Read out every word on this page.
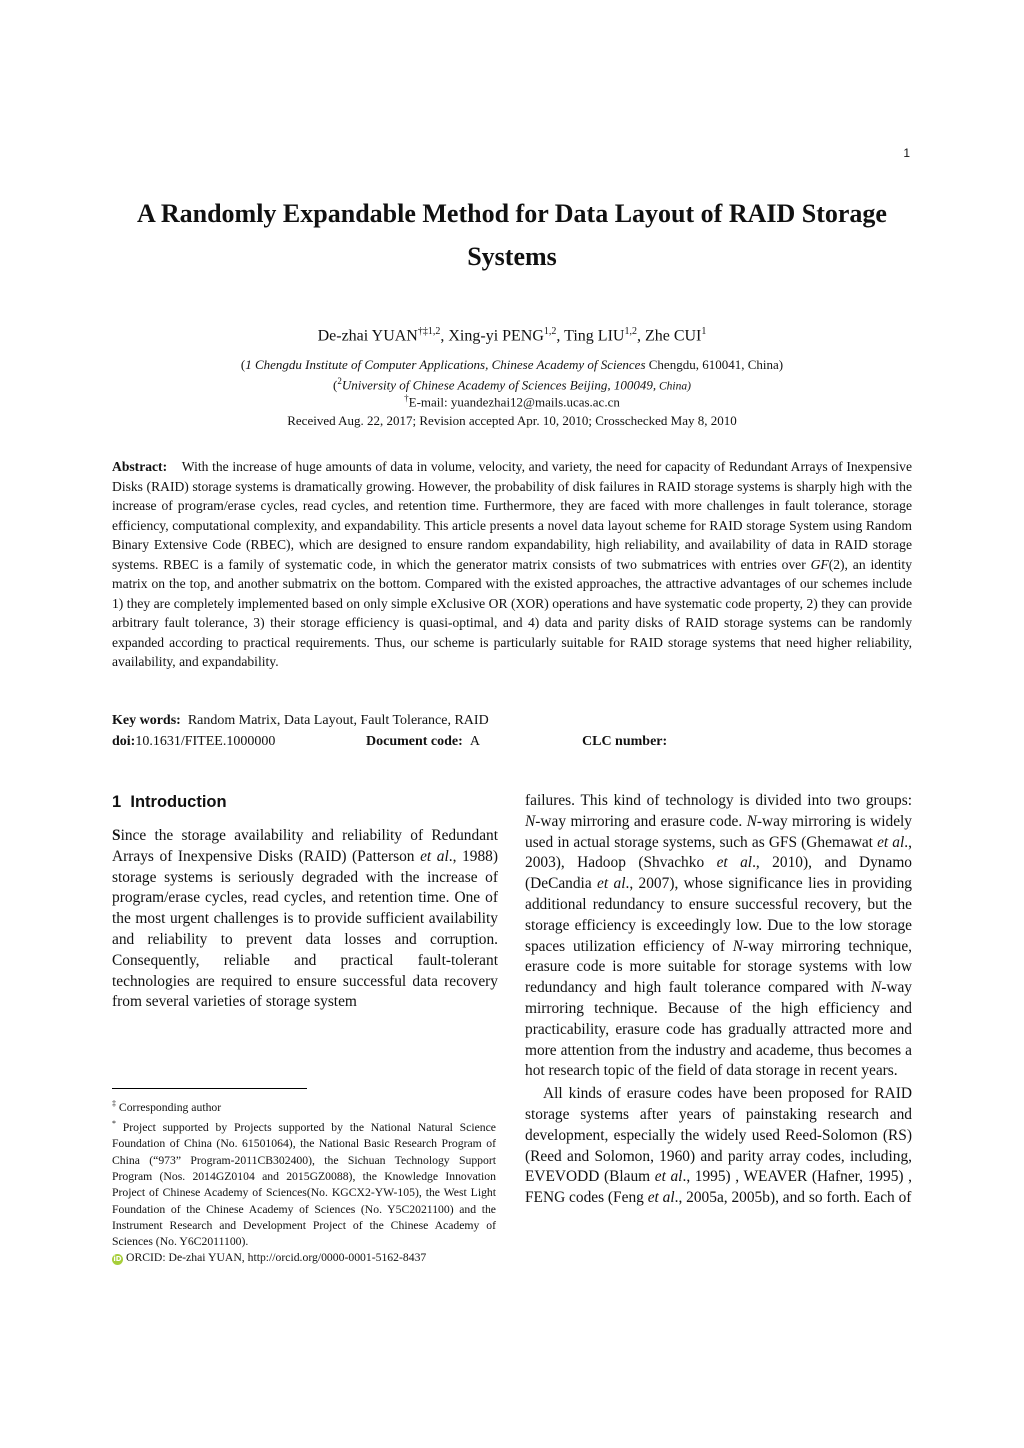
1
A Randomly Expandable Method for Data Layout of RAID Storage Systems
De-zhai YUAN$^{\dagger\ddagger 1,2}$, Xing-yi PENG$^{1,2}$, Ting LIU$^{1,2}$, Zhe CUI$^1$
(1 Chengdu Institute of Computer Applications, Chinese Academy of Sciences Chengdu, 610041, China)
($^2$University of Chinese Academy of Sciences Beijing, 100049, China)
†E-mail: yuandezhai12@mails.ucas.ac.cn
Received Aug. 22, 2017; Revision accepted Apr. 10, 2010; Crosschecked May 8, 2010

Abstract: With the increase of huge amounts of data in volume, velocity, and variety, the need for capacity of Redundant Arrays of Inexpensive Disks (RAID) storage systems is dramatically growing. However, the probability of disk failures in RAID storage systems is sharply high with the increase of program/erase cycles, read cycles, and retention time. Furthermore, they are faced with more challenges in fault tolerance, storage efficiency, computational complexity, and expandability. This article presents a novel data layout scheme for RAID storage System using Random Binary Extensive Code (RBEC), which are designed to ensure random expandability, high reliability, and availability of data in RAID storage systems. RBEC is a family of systematic code, in which the generator matrix consists of two submatrices with entries over GF(2), an identity matrix on the top, and another submatrix on the bottom. Compared with the existed approaches, the attractive advantages of our schemes include 1) they are completely implemented based on only simple eXclusive OR (XOR) operations and have systematic code property, 2) they can provide arbitrary fault tolerance, 3) their storage efficiency is quasi-optimal, and 4) data and parity disks of RAID storage systems can be randomly expanded according to practical requirements. Thus, our scheme is particularly suitable for RAID storage systems that need higher reliability, availability, and expandability.

Key words: Random Matrix, Data Layout, Fault Tolerance, RAID
doi:10.1631/FITEE.1000000	Document code: A	CLC number:
1 Introduction

Since the storage availability and reliability of Redundant Arrays of Inexpensive Disks (RAID) (Patterson et al., 1988) storage systems is seriously degraded with the increase of program/erase cycles, read cycles, and retention time. One of the most urgent challenges is to provide sufficient availability and reliability to prevent data losses and corruption. Consequently, reliable and practical fault-tolerant technologies are required to ensure successful data recovery from several varieties of storage system

failures. This kind of technology is divided into two groups: N-way mirroring and erasure code. N-way mirroring is widely used in actual storage systems, such as GFS (Ghemawat et al., 2003), Hadoop (Shvachko et al., 2010), and Dynamo (DeCandia et al., 2007), whose significance lies in providing additional redundancy to ensure successful recovery, but the storage efficiency is exceedingly low. Due to the low storage spaces utilization efficiency of N-way mirroring technique, erasure code is more suitable for storage systems with low redundancy and high fault tolerance compared with N-way mirroring technique. Because of the high efficiency and practicability, erasure code has gradually attracted more and more attention from the industry and academe, thus becomes a hot research topic of the field of data storage in recent years.

All kinds of erasure codes have been proposed for RAID storage systems after years of painstaking research and development, especially the widely used Reed-Solomon (RS) (Reed and Solomon, 1960) and parity array codes, including, EVEVODD (Blaum et al., 1995) , WEAVER (Hafner, 1995) , FENG codes (Feng et al., 2005a, 2005b), and so forth. Each of

‡ Corresponding author

* Project supported by Projects supported by the National Natural Science Foundation of China (No. 61501064), the National Basic Research Program of China (“973” Program-2011CB302400), the Sichuan Technology Support Program (Nos. 2014GZ0104 and 2015GZ0088), the Knowledge Innovation Project of Chinese Academy of Sciences(No. KGCX2-YW-105), the West Light Foundation of the Chinese Academy of Sciences (No. Y5C2021100) and the Instrument Research and Development Project of the Chinese Academy of Sciences (No. Y6C2011100).

iD ORCID: De-zhai YUAN, http://orcid.org/0000-0001-5162-8437
